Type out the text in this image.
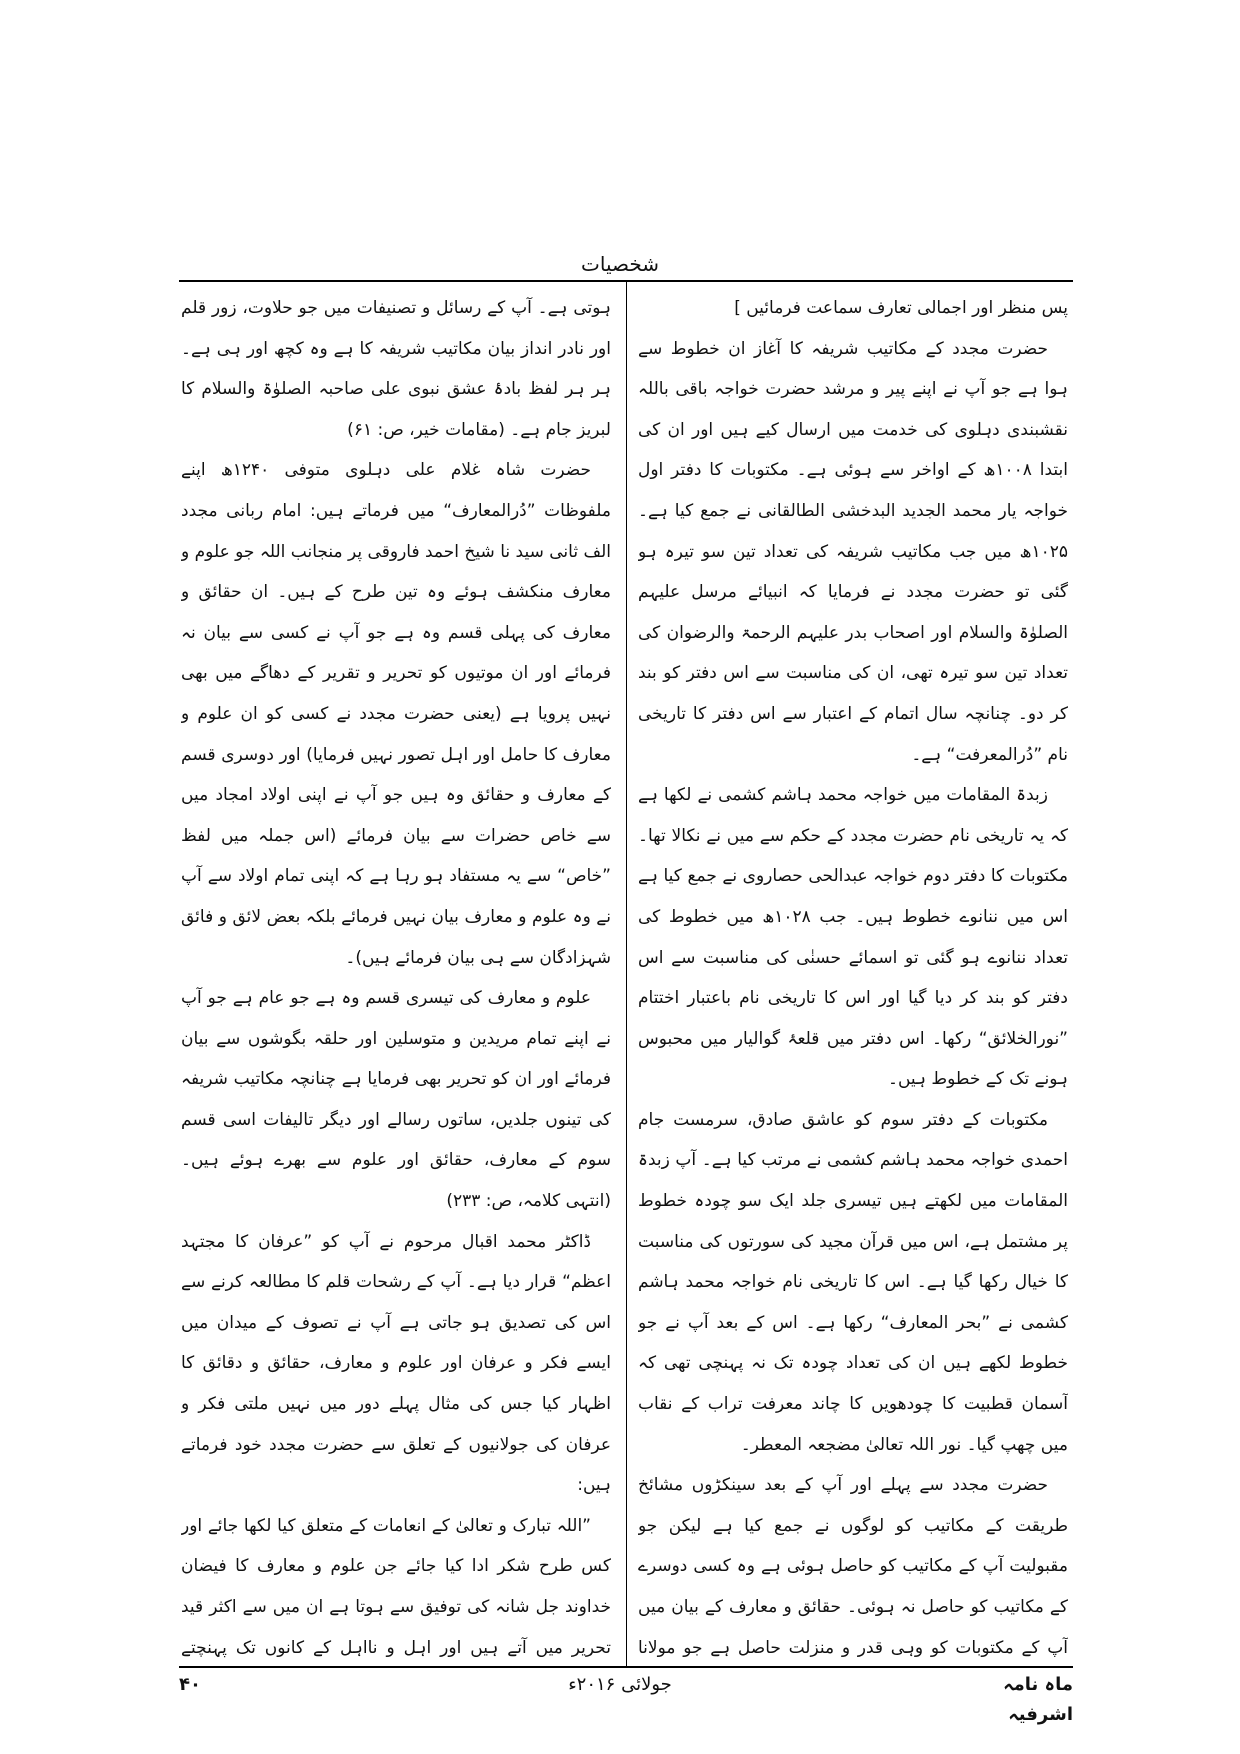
شخصیات

پس منظر اور اجمالی تعارف سماعت فرمائیں ]

حضرت مجدد کے مکاتیب شریفہ کا آغاز ان خطوط سے ہوا ہے جو آپ نے اپنے پیر و مرشد حضرت خواجہ باقی باللہ نقشبندی دہلوی کی خدمت میں ارسال کیے ہیں اور ان کی ابتدا ۱۰۰۸ھ کے اواخر سے ہوئی ہے۔ مکتوبات کا دفتر اول خواجہ یار محمد الجدید البدخشی الطالقانی نے جمع کیا ہے۔ ۱۰۲۵ھ میں جب مکاتیب شریفہ کی تعداد تین سو تیرہ ہو گئی تو حضرت مجدد نے فرمایا کہ انبیائے مرسل علیہم الصلوٰۃ والسلام اور اصحاب بدر علیہم الرحمۃ والرضوان کی تعداد تین سو تیرہ تھی، ان کی مناسبت سے اس دفتر کو بند کر دو۔ چنانچہ سال اتمام کے اعتبار سے اس دفتر کا تاریخی نام ”دُرالمعرفت“ ہے۔

زبدۃ المقامات میں خواجہ محمد ہاشم کشمی نے لکھا ہے کہ یہ تاریخی نام حضرت مجدد کے حکم سے میں نے نکالا تھا۔ مکتوبات کا دفتر دوم خواجہ عبدالحی حصاروی نے جمع کیا ہے اس میں ننانوے خطوط ہیں۔ جب ۱۰۲۸ھ میں خطوط کی تعداد ننانوے ہو گئی تو اسمائے حسنٰی کی مناسبت سے اس دفتر کو بند کر دیا گیا اور اس کا تاریخی نام باعتبار اختتام ”نورالخلائق“ رکھا۔ اس دفتر میں قلعۂ گوالیار میں محبوس ہونے تک کے خطوط ہیں۔

مکتوبات کے دفتر سوم کو عاشق صادق، سرمست جام احمدی خواجہ محمد ہاشم کشمی نے مرتب کیا ہے۔ آپ زبدۃ المقامات میں لکھتے ہیں تیسری جلد ایک سو چودہ خطوط پر مشتمل ہے، اس میں قرآن مجید کی سورتوں کی مناسبت کا خیال رکھا گیا ہے۔ اس کا تاریخی نام خواجہ محمد ہاشم کشمی نے ”بحر المعارف“ رکھا ہے۔ اس کے بعد آپ نے جو خطوط لکھے ہیں ان کی تعداد چودہ تک نہ پہنچی تھی کہ آسمان قطبیت کا چودھویں کا چاند معرفت تراب کے نقاب میں چھپ گیا۔ نور اللہ تعالیٰ مضجعہ المعطر۔

حضرت مجدد سے پہلے اور آپ کے بعد سینکڑوں مشائخ طریقت کے مکاتیب کو لوگوں نے جمع کیا ہے لیکن جو مقبولیت آپ کے مکاتیب کو حاصل ہوئی ہے وہ کسی دوسرے کے مکاتیب کو حاصل نہ ہوئی۔ حقائق و معارف کے بیان میں آپ کے مکتوبات کو وہی قدر و منزلت حاصل ہے جو مولانا

ہوتی ہے۔ آپ کے رسائل و تصنیفات میں جو حلاوت، زور قلم اور نادر انداز بیان مکاتیب شریفہ کا ہے وہ کچھ اور ہی ہے۔ ہر ہر لفظ بادۂ عشق نبوی علی صاحبہ الصلوٰۃ والسلام کا لبریز جام ہے۔ (مقامات خیر، ص: ۶۱)

حضرت شاہ غلام علی دہلوی متوفی ۱۲۴۰ھ اپنے ملفوظات ”دُرالمعارف“ میں فرماتے ہیں: امام ربانی مجدد الف ثانی سید نا شیخ احمد فاروقی پر منجانب اللہ جو علوم و معارف منکشف ہوئے وہ تین طرح کے ہیں۔ ان حقائق و معارف کی پہلی قسم وہ ہے جو آپ نے کسی سے بیان نہ فرمائے اور ان موتیوں کو تحریر و تقریر کے دھاگے میں بھی نہیں پرویا ہے (یعنی حضرت مجدد نے کسی کو ان علوم و معارف کا حامل اور اہل تصور نہیں فرمایا) اور دوسری قسم کے معارف و حقائق وہ ہیں جو آپ نے اپنی اولاد امجاد میں سے خاص حضرات سے بیان فرمائے (اس جملہ میں لفظ ”خاص“ سے یہ مستفاد ہو رہا ہے کہ اپنی تمام اولاد سے آپ نے وہ علوم و معارف بیان نہیں فرمائے بلکہ بعض لائق و فائق شہزادگان سے ہی بیان فرمائے ہیں)۔

علوم و معارف کی تیسری قسم وہ ہے جو عام ہے جو آپ نے اپنے تمام مریدین و متوسلین اور حلقہ بگوشوں سے بیان فرمائے اور ان کو تحریر بھی فرمایا ہے چنانچہ مکاتیب شریفہ کی تینوں جلدیں، ساتوں رسالے اور دیگر تالیفات اسی قسم سوم کے معارف، حقائق اور علوم سے بھرے ہوئے ہیں۔ (انتہی کلامہ، ص: ۲۳۳)

ڈاکٹر محمد اقبال مرحوم نے آپ کو ”عرفان کا مجتہد اعظم“ قرار دیا ہے۔ آپ کے رشحات قلم کا مطالعہ کرنے سے اس کی تصدیق ہو جاتی ہے آپ نے تصوف کے میدان میں ایسے فکر و عرفان اور علوم و معارف، حقائق و دقائق کا اظہار کیا جس کی مثال پہلے دور میں نہیں ملتی فکر و عرفان کی جولانیوں کے تعلق سے حضرت مجدد خود فرماتے ہیں:

”اللہ تبارک و تعالیٰ کے انعامات کے متعلق کیا لکھا جائے اور کس طرح شکر ادا کیا جائے جن علوم و معارف کا فیضان خداوند جل شانہ کی توفیق سے ہوتا ہے ان میں سے اکثر قید تحریر میں آتے ہیں اور اہل و نااہل کے کانوں تک پہنچتے

ماہ نامہ اشرفیہ
جولائی ۲۰۱۶ء
۴۰
